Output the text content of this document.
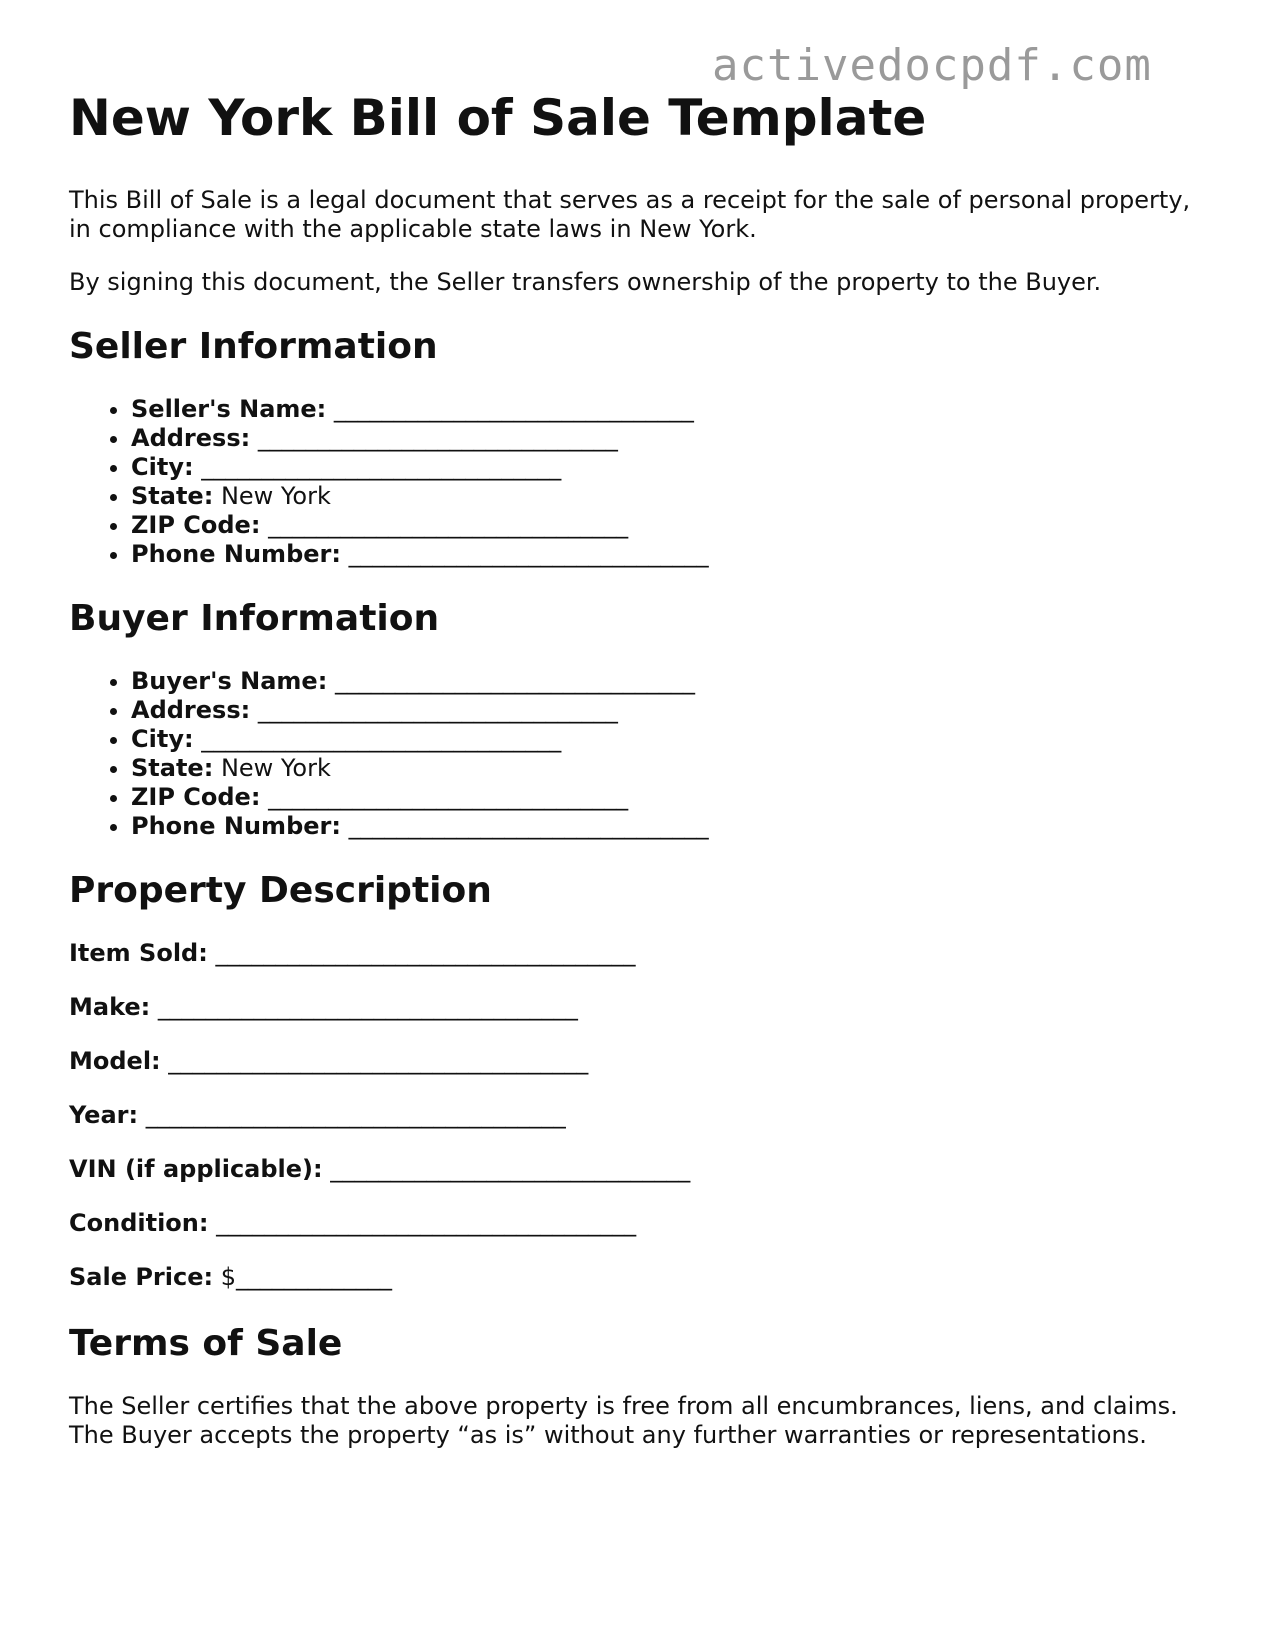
activedocpdf.com
New York Bill of Sale Template

This Bill of Sale is a legal document that serves as a receipt for the sale of personal property, in compliance with the applicable state laws in New York.

By signing this document, the Seller transfers ownership of the property to the Buyer.

Seller Information
• Seller's Name: ______________________________
• Address: ______________________________
• City: ______________________________
• State: New York
• ZIP Code: ______________________________
• Phone Number: ______________________________
Buyer Information
• Buyer's Name: ______________________________
• Address: ______________________________
• City: ______________________________
• State: New York
• ZIP Code: ______________________________
• Phone Number: ______________________________
Property Description
Item Sold: ___________________________________
Make: ___________________________________
Model: ___________________________________
Year: ___________________________________
VIN (if applicable): ______________________________
Condition: ___________________________________
Sale Price: $_____________
Terms of Sale

The Seller certifies that the above property is free from all encumbrances, liens, and claims. The Buyer accepts the property “as is” without any further warranties or representations.
